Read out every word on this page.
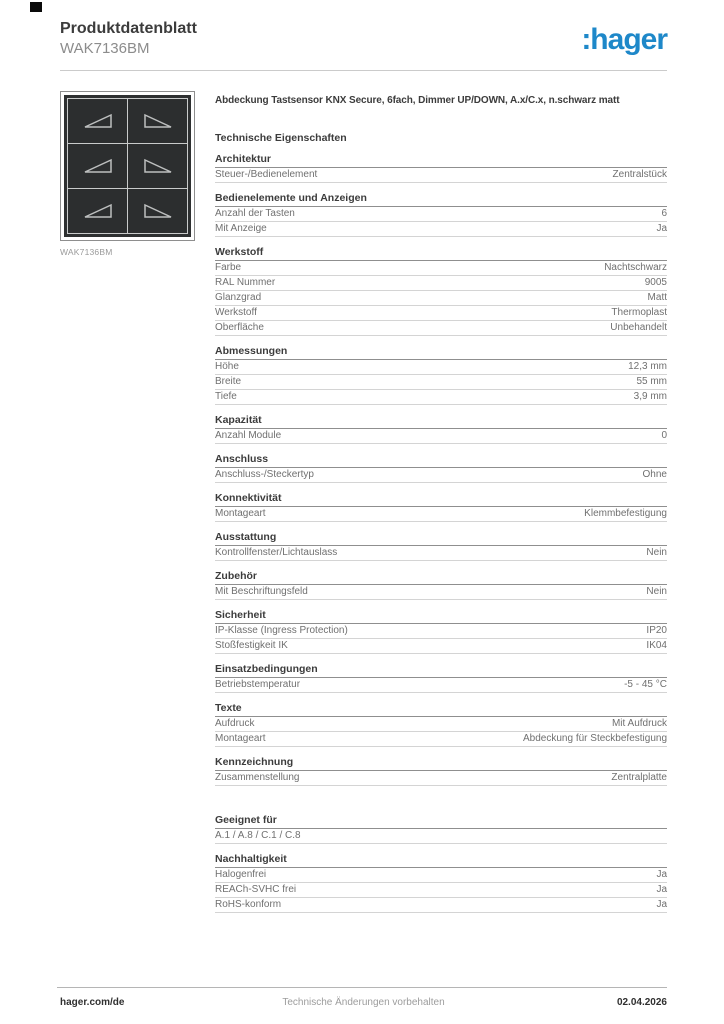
Produktdatenblatt
WAK7136BM	:hager
WAK7136BM
Abdeckung Tastsensor KNX Secure, 6fach, Dimmer UP/DOWN, A.x/C.x, n.schwarz matt
Technische Eigenschaften
Architektur
Steuer-/Bedienelement	Zentralstück
Bedienelemente und Anzeigen
Anzahl der Tasten	6
Mit Anzeige	Ja
Werkstoff
Farbe	Nachtschwarz
RAL Nummer	9005
Glanzgrad	Matt
Werkstoff	Thermoplast
Oberfläche	Unbehandelt
Abmessungen
Höhe	12,3 mm
Breite	55 mm
Tiefe	3,9 mm
Kapazität
Anzahl Module	0
Anschluss
Anschluss-/Steckertyp	Ohne
Konnektivität
Montageart	Klemmbefestigung
Ausstattung
Kontrollfenster/Lichtauslass	Nein
Zubehör
Mit Beschriftungsfeld	Nein
Sicherheit
IP-Klasse (Ingress Protection)	IP20
Stoßfestigkeit IK	IK04
Einsatzbedingungen
Betriebstemperatur	-5 - 45 °C
Texte
Aufdruck	Mit Aufdruck
Montageart	Abdeckung für Steckbefestigung
Kennzeichnung
Zusammenstellung	Zentralplatte
Geeignet für
A.1 / A.8 / C.1 / C.8
Nachhaltigkeit
Halogenfrei	Ja
REACh-SVHC frei	Ja
RoHS-konform	Ja
hager.com/de	Technische Änderungen vorbehalten	02.04.2026
